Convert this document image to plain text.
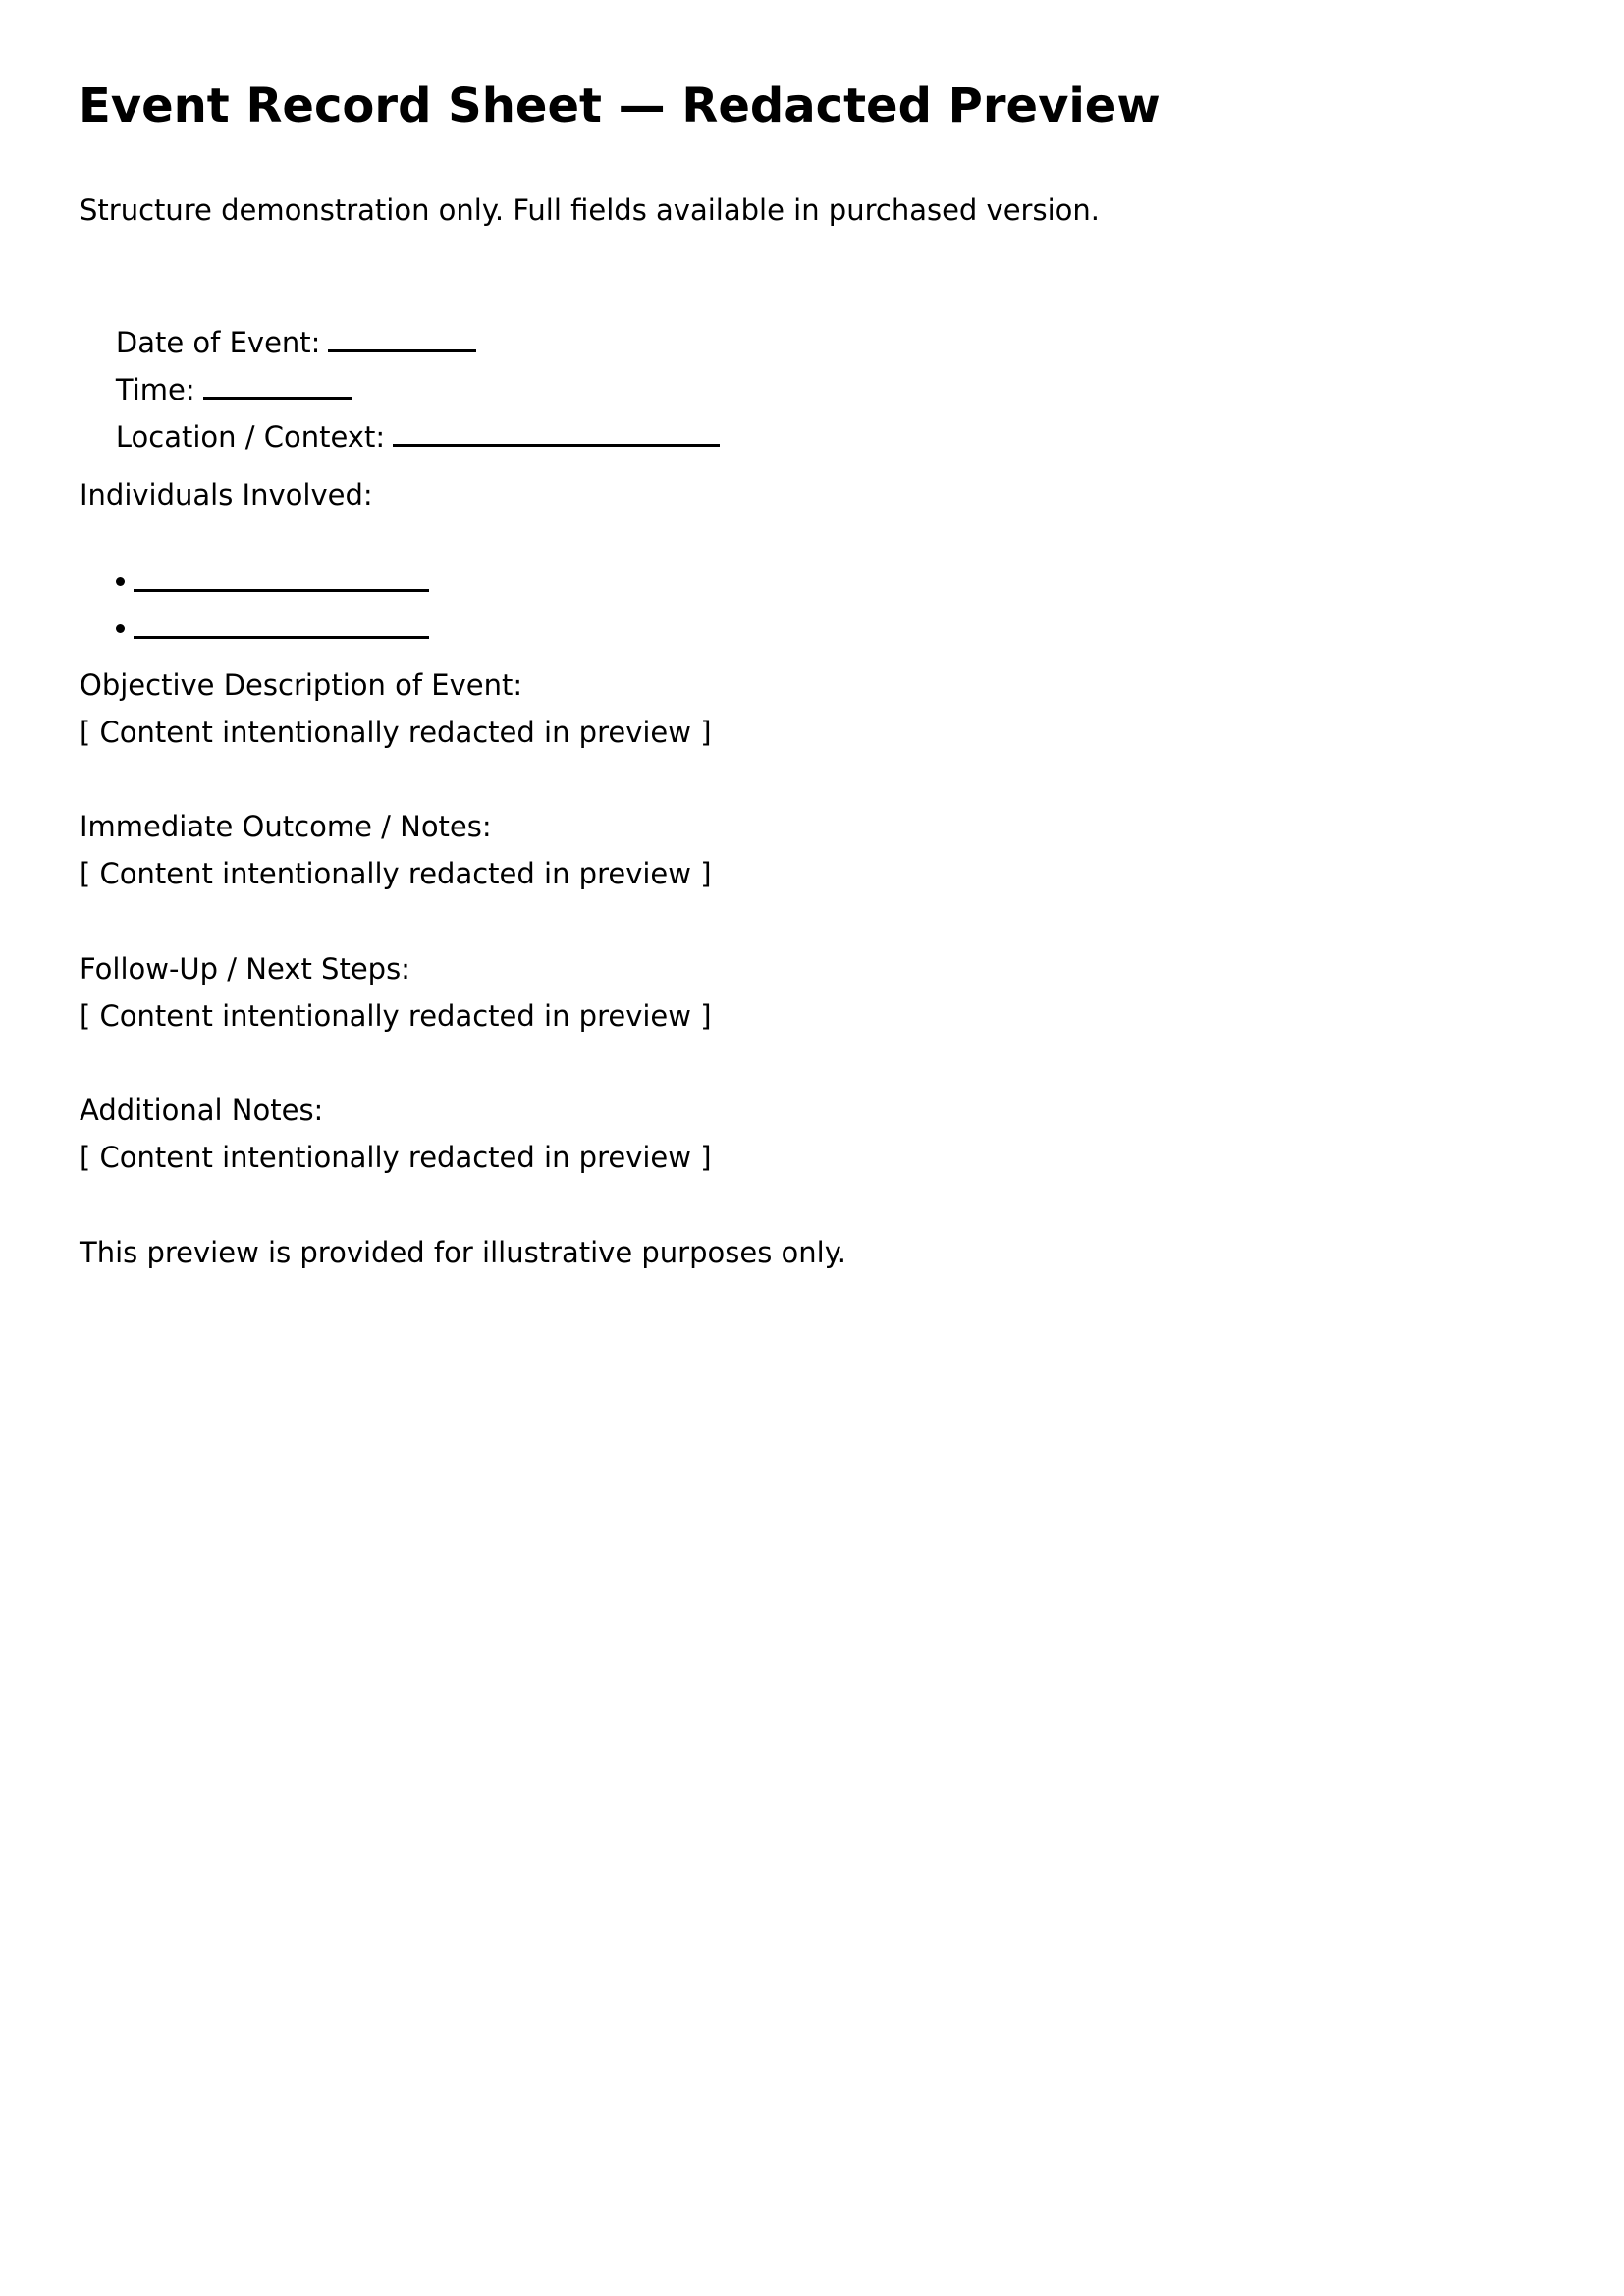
Event Record Sheet — Redacted Preview
Structure demonstration only. Full fields available in purchased version.

Date of Event:

Time:

Location / Context:

Individuals Involved:

Objective Description of Event:
[ Content intentionally redacted in preview ]
Immediate Outcome / Notes:
[ Content intentionally redacted in preview ]
Follow-Up / Next Steps:
[ Content intentionally redacted in preview ]
Additional Notes:
[ Content intentionally redacted in preview ]
This preview is provided for illustrative purposes only.
